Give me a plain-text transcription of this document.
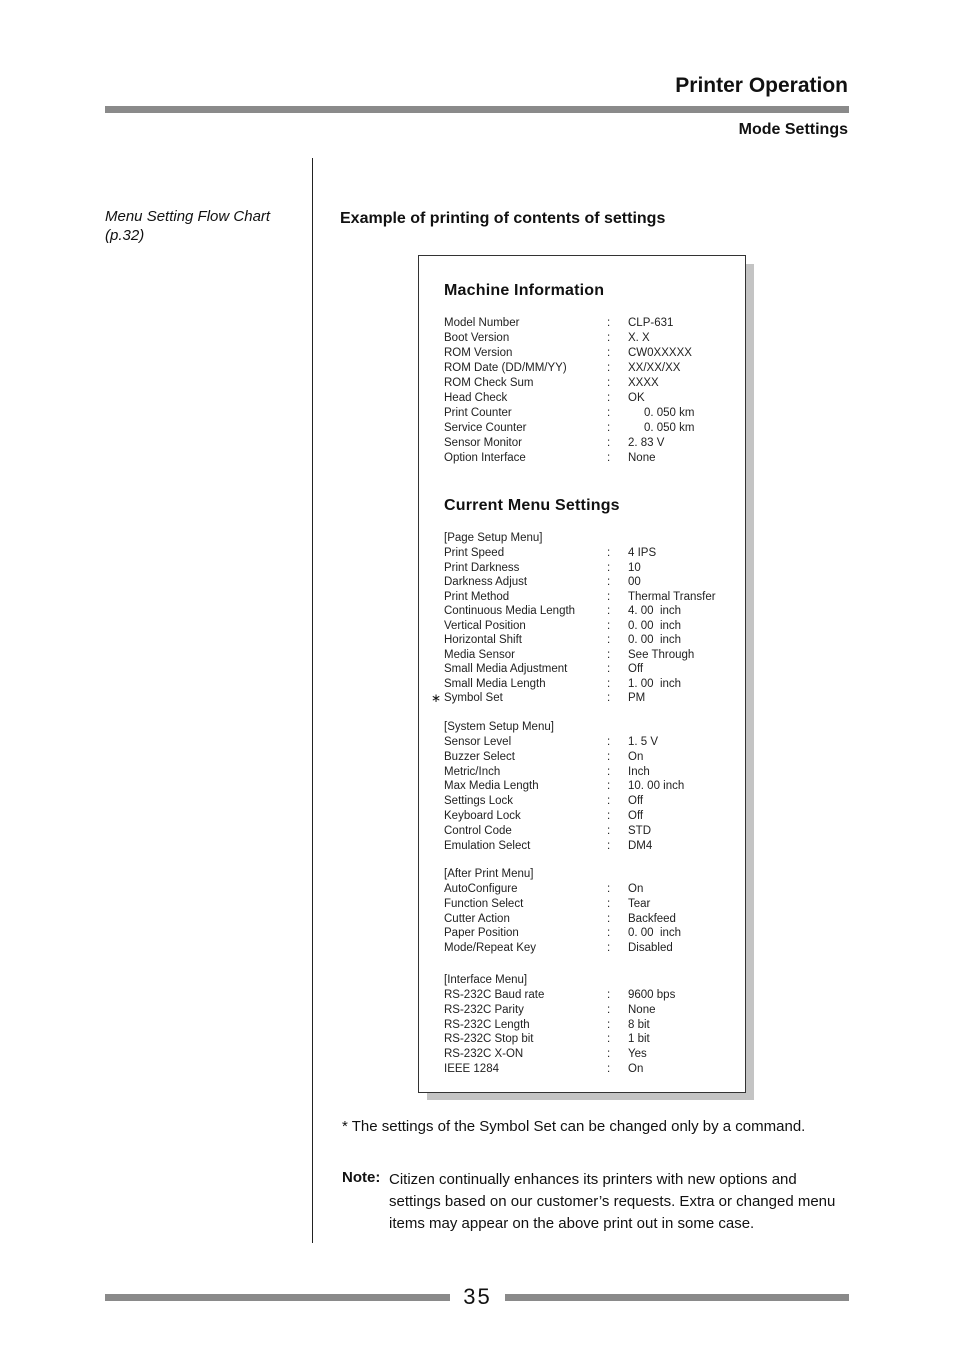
Printer Operation
Mode Settings
Menu Setting Flow Chart
(p.32)
Example of printing of contents of settings
Machine Information
Current Menu Settings
Model Number	: CLP-631
Boot Version	: X. X
ROM Version	: CW0XXXXX
ROM Date (DD/MM/YY)	: XX/XX/XX
ROM Check Sum	: XXXX
Head Check	: OK
Print Counter	: 0. 050 km
Service Counter	: 0. 050 km
Sensor Monitor	: 2. 83 V
Option Interface	: None
[Page Setup Menu]
Print Speed	: 4 IPS
Print Darkness	: 10
Darkness Adjust	: 00
Print Method	: Thermal Transfer
Continuous Media Length	: 4. 00  inch
Vertical Position	: 0. 00  inch
Horizontal Shift	: 0. 00  inch
Media Sensor	: See Through
Small Media Adjustment	: Off
Small Media Length	: 1. 00  inch
Symbol Set	: PM
∗
[System Setup Menu]
Sensor Level	: 1. 5 V
Buzzer Select	: On
Metric/Inch	: Inch
Max Media Length	: 10. 00 inch
Settings Lock	: Off
Keyboard Lock	: Off
Control Code	: STD
Emulation Select	: DM4
[After Print Menu]
AutoConfigure	: On
Function Select	: Tear
Cutter Action	: Backfeed
Paper Position	: 0. 00  inch
Mode/Repeat Key	: Disabled
[Interface Menu]
RS-232C Baud rate	: 9600 bps
RS-232C Parity	: None
RS-232C Length	: 8 bit
RS-232C Stop bit	: 1 bit
RS-232C X-ON	: Yes
IEEE 1284	: On
* The settings of the Symbol Set can be changed only by a command.
Note: Citizen continually enhances its printers with new options and settings based on our customer’s requests. Extra or changed menu items may appear on the above print out in some case.
35
